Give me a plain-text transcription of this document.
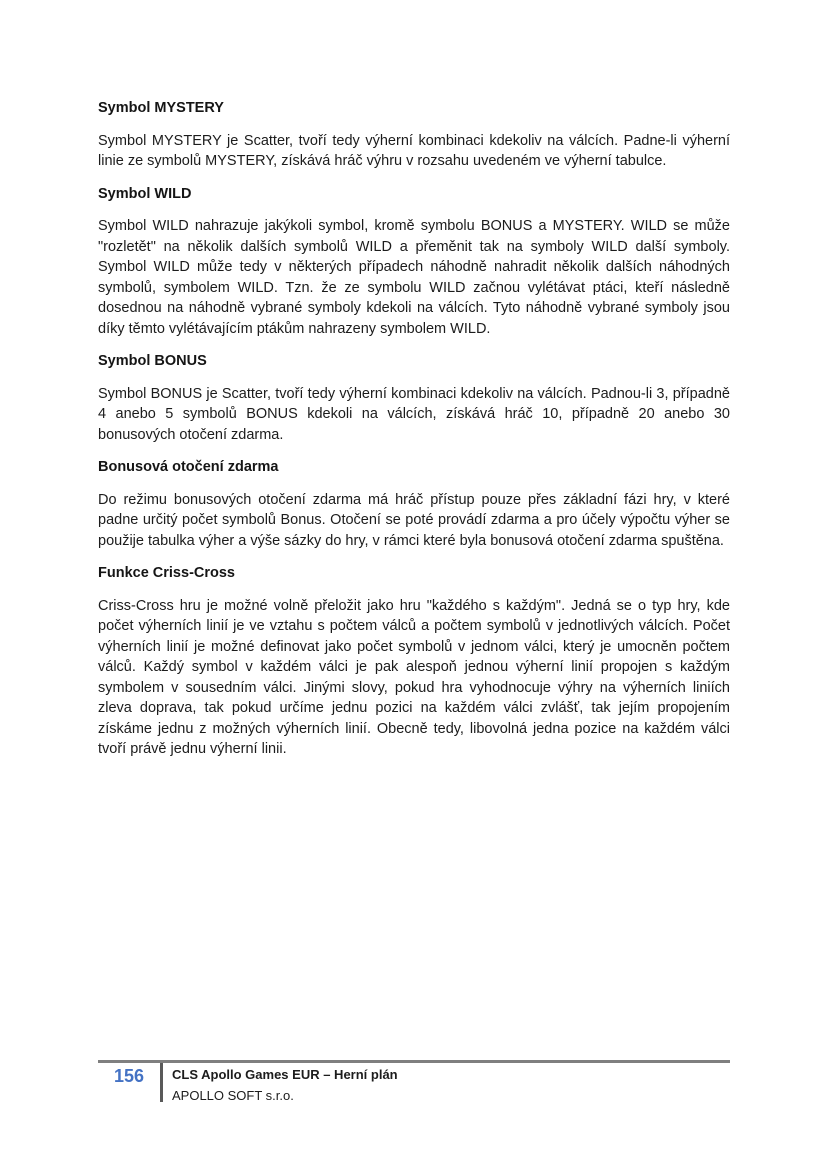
Symbol MYSTERY

Symbol MYSTERY je Scatter, tvoří tedy výherní kombinaci kdekoliv na válcích. Padne-li výherní linie ze symbolů MYSTERY, získává hráč výhru v rozsahu uvedeném ve výherní tabulce.

Symbol WILD

Symbol WILD nahrazuje jakýkoli symbol, kromě symbolu BONUS a MYSTERY. WILD se může "rozletět" na několik dalších symbolů WILD a přeměnit tak na symboly WILD další symboly. Symbol WILD může tedy v některých případech náhodně nahradit několik dalších náhodných symbolů, symbolem WILD. Tzn. že ze symbolu WILD začnou vylétávat ptáci, kteří následně dosednou na náhodně vybrané symboly kdekoli na válcích. Tyto náhodně vybrané symboly jsou díky těmto vylétávajícím ptákům nahrazeny symbolem WILD.

Symbol BONUS

Symbol BONUS je Scatter, tvoří tedy výherní kombinaci kdekoliv na válcích. Padnou-li 3, případně 4 anebo 5 symbolů BONUS kdekoli na válcích, získává hráč 10, případně 20 anebo 30 bonusových otočení zdarma.

Bonusová otočení zdarma

Do režimu bonusových otočení zdarma má hráč přístup pouze přes základní fázi hry, v které padne určitý počet symbolů Bonus. Otočení se poté provádí zdarma a pro účely výpočtu výher se použije tabulka výher a výše sázky do hry, v rámci které byla bonusová otočení zdarma spuštěna.

Funkce Criss-Cross

Criss-Cross hru je možné volně přeložit jako hru "každého s každým". Jedná se o typ hry, kde počet výherních linií je ve vztahu s počtem válců a počtem symbolů v jednotlivých válcích. Počet výherních linií je možné definovat jako počet symbolů v jednom válci, který je umocněn počtem válců. Každý symbol v každém válci je pak alespoň jednou výherní linií propojen s každým symbolem v sousedním válci. Jinými slovy, pokud hra vyhodnocuje výhry na výherních liniích zleva doprava, tak pokud určíme jednu pozici na každém válci zvlášť, tak jejím propojením získáme jednu z možných výherních linií. Obecně tedy, libovolná jedna pozice na každém válci tvoří právě jednu výherní linii.

156	CLS Apollo Games EUR – Herní plán
APOLLO SOFT s.r.o.
